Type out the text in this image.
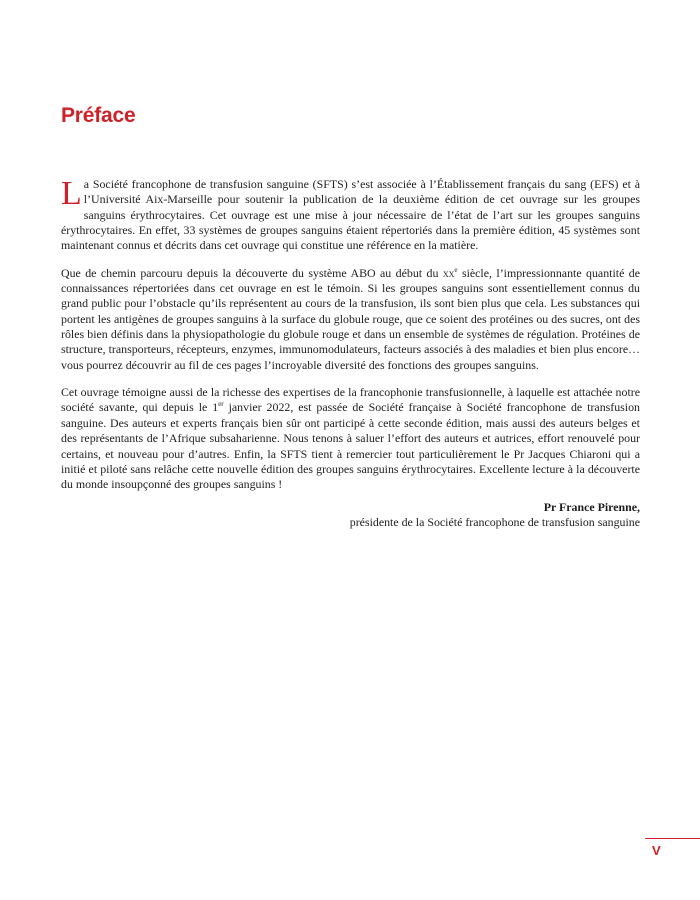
Préface

La Société francophone de transfusion sanguine (SFTS) s’est associée à l’Établissement français du sang (EFS) et à l’Université Aix-Marseille pour soutenir la publication de la deuxième édition de cet ouvrage sur les groupes sanguins érythrocytaires. Cet ouvrage est une mise à jour nécessaire de l’état de l’art sur les groupes sanguins érythrocytaires. En effet, 33 systèmes de groupes sanguins étaient répertoriés dans la première édition, 45 systèmes sont maintenant connus et décrits dans cet ouvrage qui constitue une référence en la matière.

Que de chemin parcouru depuis la découverte du système ABO au début du $xx^e$ siècle, l’impressionnante quantité de connaissances répertoriées dans cet ouvrage en est le témoin. Si les groupes sanguins sont essentiellement connus du grand public pour l’obstacle qu’ils représentent au cours de la transfusion, ils sont bien plus que cela. Les substances qui portent les antigènes de groupes sanguins à la surface du globule rouge, que ce soient des protéines ou des sucres, ont des rôles bien définis dans la physiopathologie du globule rouge et dans un ensemble de systèmes de régulation. Protéines de structure, transporteurs, récepteurs, enzymes, immunomodulateurs, facteurs associés à des maladies et bien plus encore… vous pourrez découvrir au fil de ces pages l’incroyable diversité des fonctions des groupes sanguins.

Cet ouvrage témoigne aussi de la richesse des expertises de la francophonie transfusionnelle, à laquelle est attachée notre société savante, qui depuis le 1er janvier 2022, est passée de Société française à Société francophone de transfusion sanguine. Des auteurs et experts français bien sûr ont participé à cette seconde édition, mais aussi des auteurs belges et des représentants de l’Afrique subsaharienne. Nous tenons à saluer l’effort des auteurs et autrices, effort renouvelé pour certains, et nouveau pour d’autres. Enfin, la SFTS tient à remercier tout particulièrement le Pr Jacques Chiaroni qui a initié et piloté sans relâche cette nouvelle édition des groupes sanguins érythrocytaires. Excellente lecture à la découverte du monde insoupçonné des groupes sanguins !

Pr France Pirenne,
présidente de la Société francophone de transfusion sanguine
V
